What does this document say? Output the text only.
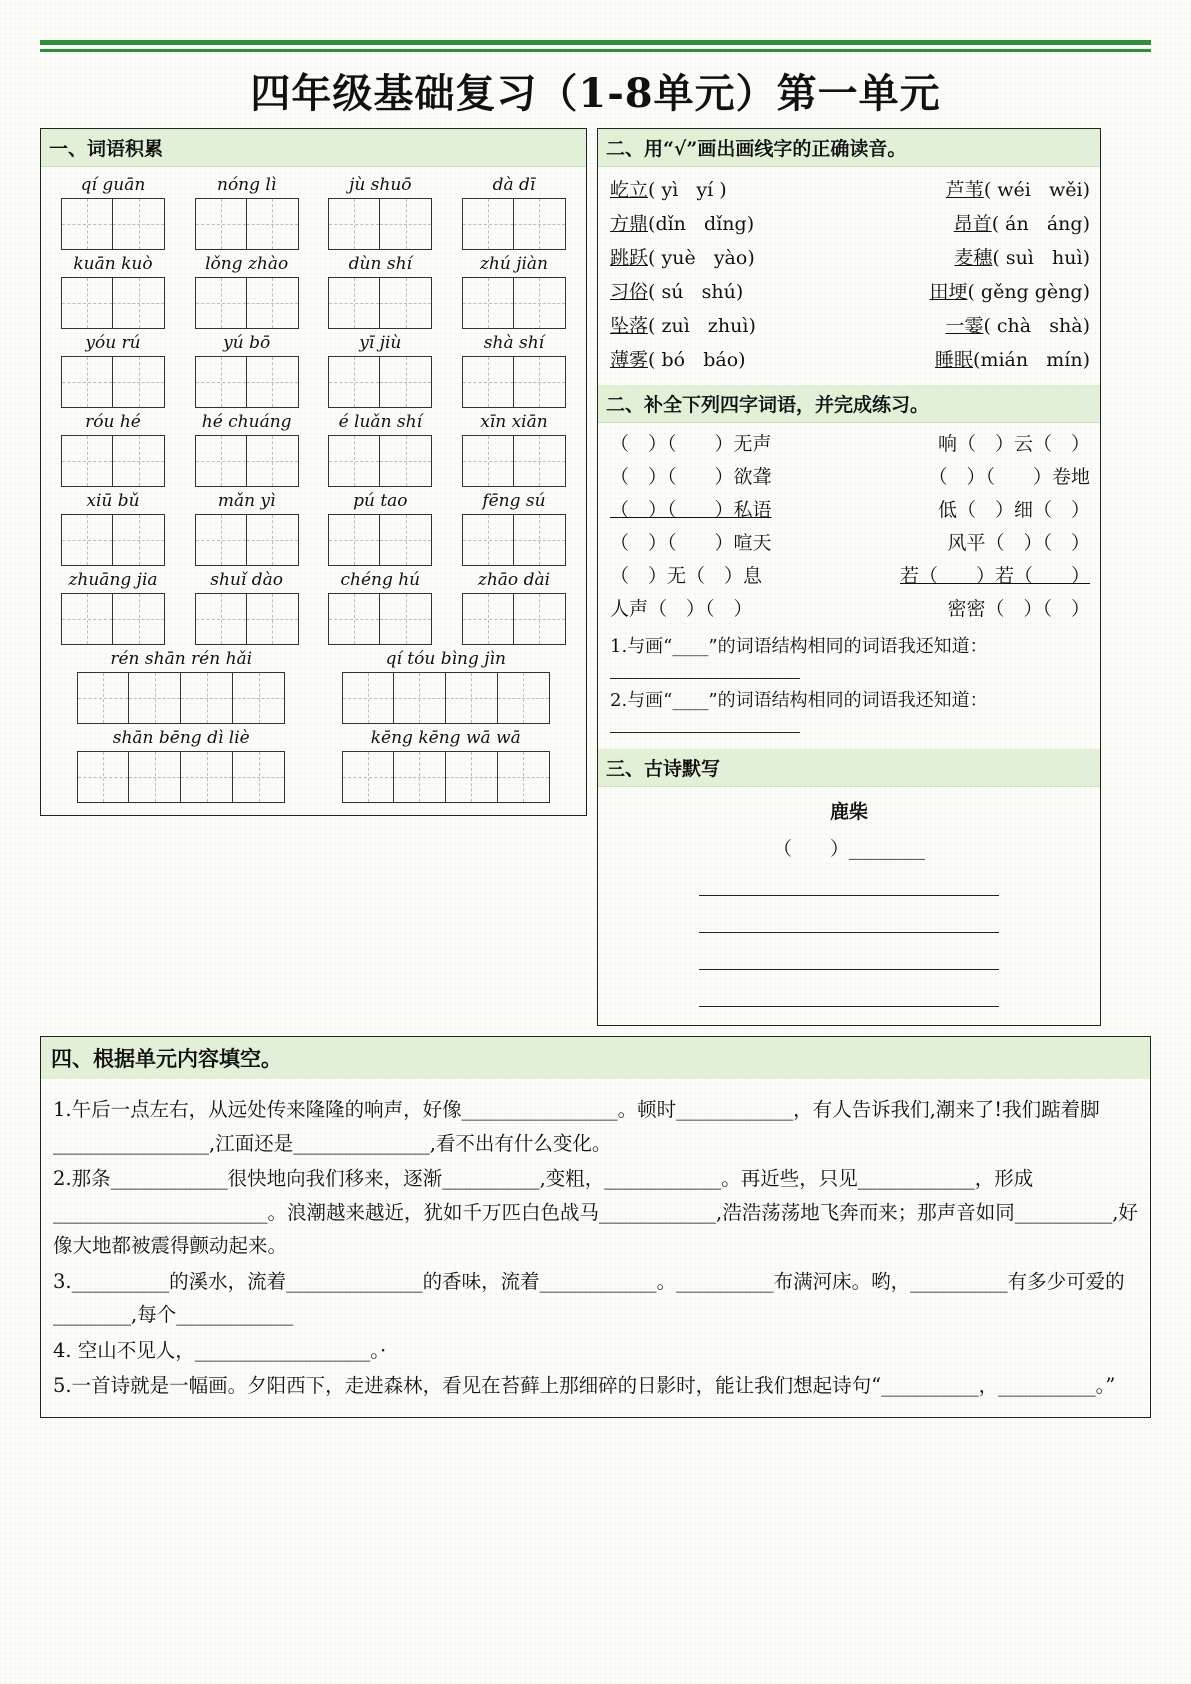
四年级基础复习（1-8单元）第一单元
一、词语积累
qí guān	nóng lì	jù shuō	dà dī
kuān kuò	lǒng zhào	dùn shí	zhú jiàn
yóu rú	yú bō	yī jiù	shà shí
róu hé	hé chuáng	é luǎn shí	xīn xiān
xiū bǔ	mǎn yì	pú tao	fēng sú
zhuāng jia	shuǐ dào	chéng hú	zhāo dài
rén shān rén hǎi	qí tóu bìng jìn
shān bēng dì liè	kēng kēng wā wā
二、用“√”画出画线字的正确读音。
屹立( yì yí )	芦苇( wéi wěi)
方鼎(dǐn dǐng)	昂首( án áng)
跳跃( yuè yào)	麦穗( suì huì)
习俗( sú shú)	田埂( gěng gèng)
坠落( zuì zhuì)	一霎( chà shà)
薄雾( bó báo)	睡眠(mián mín)
二、补全下列四字词语，并完成练习。
（　）（　　）无声	响（　）云（　）
（　）（　　）欲聋	（　）（　　）卷地
（　）（　　）私语	低（　）细（　）
（　）（　　）喧天	风平（　）（　）
（　）无（　）息	若（　　）若（　　）
人声（　）（　）	密密（　）（　）
1.与画“____”的词语结构相同的词语我还知道：
2.与画“____”的词语结构相同的词语我还知道：
三、古诗默写
鹿柴
（　　）________
四、根据单元内容填空。

1.午后一点左右，从远处传来隆隆的响声，好像________________。顿时____________，有人告诉我们,潮来了!我们踮着脚________________,江面还是______________,看不出有什么变化。

2.那条____________很快地向我们移来，逐渐__________,变粗，____________。再近些，只见____________，形成______________________。浪潮越来越近，犹如千万匹白色战马____________,浩浩荡荡地飞奔而来；那声音如同__________,好像大地都被震得颤动起来。

3.__________的溪水，流着______________的香味，流着____________。__________布满河床。哟，__________有多少可爱的________,每个____________

4. 空山不见人，__________________。·

5.一首诗就是一幅画。夕阳西下，走进森林，看见在苔藓上那细碎的日影时，能让我们想起诗句“__________，__________。”
